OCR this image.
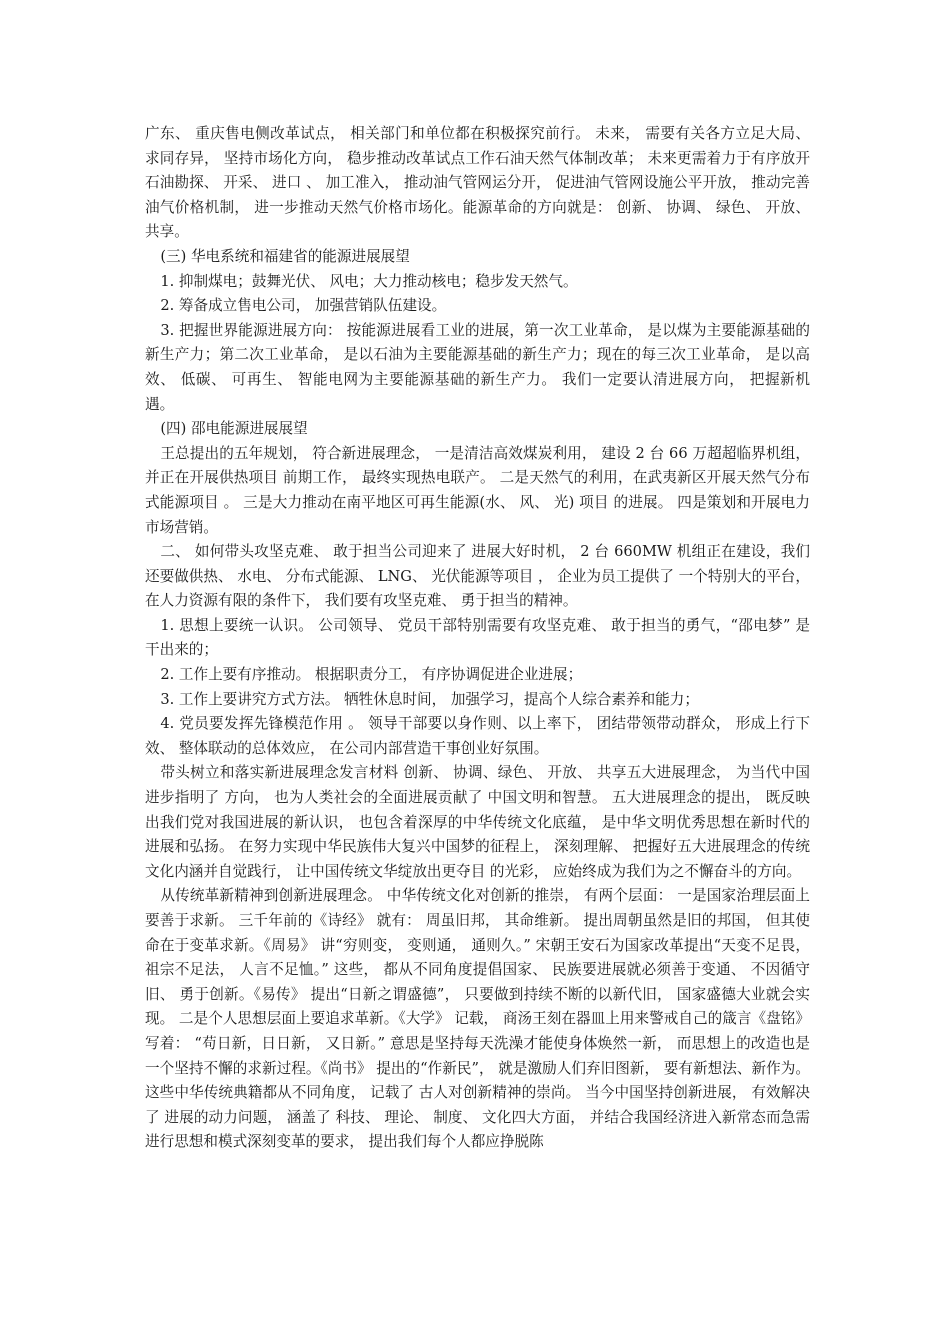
广东、 重庆售电侧改革试点， 相关部门和单位都在积极探究前行。 未来， 需要有关各方立足大局、 求同存异， 坚持市场化方向， 稳步推动改革试点工作石油天然气体制改革； 未来更需着力于有序放开石油勘探、 开采、 进口 、 加工准入， 推动油气管网运分开， 促进油气管网设施公平开放， 推动完善油气价格机制， 进一步推动天然气价格市场化。能源革命的方向就是： 创新、 协调、 绿色、 开放、 共享。

(三) 华电系统和福建省的能源进展展望

1. 抑制煤电；鼓舞光伏、 风电；大力推动核电；稳步发天然气。

2. 筹备成立售电公司， 加强营销队伍建设。

3. 把握世界能源进展方向： 按能源进展看工业的进展，第一次工业革命， 是以煤为主要能源基础的新生产力；第二次工业革命， 是以石油为主要能源基础的新生产力；现在的每三次工业革命， 是以高效、 低碳、 可再生、 智能电网为主要能源基础的新生产力。 我们一定要认清进展方向， 把握新机遇。

(四) 邵电能源进展展望

王总提出的五年规划， 符合新进展理念， 一是清洁高效煤炭利用， 建设 2 台 66 万超超临界机组， 并正在开展供热项目 前期工作， 最终实现热电联产。 二是天然气的利用，在武夷新区开展天然气分布式能源项目 。 三是大力推动在南平地区可再生能源(水、 风、 光) 项目 的进展。 四是策划和开展电力市场营销。

二、 如何带头攻坚克难、 敢于担当公司迎来了 进展大好时机， 2 台 660MW 机组正在建设，我们还要做供热、 水电、 分布式能源、 LNG、 光伏能源等项目 ， 企业为员工提供了 一个特别大的平台， 在人力资源有限的条件下， 我们要有攻坚克难、 勇于担当的精神。

1. 思想上要统一认识。 公司领导、 党员干部特别需要有攻坚克难、 敢于担当的勇气，“邵电梦” 是干出来的；

2. 工作上要有序推动。 根据职责分工， 有序协调促进企业进展；

3. 工作上要讲究方式方法。 牺牲休息时间， 加强学习，提高个人综合素养和能力；

4. 党员要发挥先锋模范作用 。 领导干部要以身作则、以上率下， 团结带领带动群众， 形成上行下效、 整体联动的总体效应， 在公司内部营造干事创业好氛围。

带头树立和落实新进展理念发言材料 创新、 协调、绿色、 开放、 共享五大进展理念， 为当代中国进步指明了 方向， 也为人类社会的全面进展贡献了 中国文明和智慧。 五大进展理念的提出， 既反映出我们党对我国进展的新认识， 也包含着深厚的中华传统文化底蕴， 是中华文明优秀思想在新时代的进展和弘扬。 在努力实现中华民族伟大复兴中国梦的征程上， 深刻理解、 把握好五大进展理念的传统文化内涵并自觉践行， 让中国传统文华绽放出更夺目 的光彩， 应始终成为我们为之不懈奋斗的方向。

从传统革新精神到创新进展理念。 中华传统文化对创新的推崇， 有两个层面： 一是国家治理层面上要善于求新。 三千年前的《诗经》 就有： 周虽旧邦， 其命维新。 提出周朝虽然是旧的邦国， 但其使命在于变革求新。《周易》 讲“穷则变， 变则通， 通则久。” 宋朝王安石为国家改革提出“天变不足畏， 祖宗不足法， 人言不足恤。” 这些， 都从不同角度提倡国家、 民族要进展就必须善于变通、 不因循守旧、 勇于创新。《易传》 提出“日新之谓盛德”， 只要做到持续不断的以新代旧， 国家盛德大业就会实现。 二是个人思想层面上要追求革新。《大学》 记载， 商汤王刻在器皿上用来警戒自己的箴言《盘铭》 写着： “苟日新，日日新， 又日新。” 意思是坚持每天洗澡才能使身体焕然一新， 而思想上的改造也是一个坚持不懈的求新过程。《尚书》 提出的“作新民”， 就是激励人们弃旧图新， 要有新想法、新作为。 这些中华传统典籍都从不同角度， 记载了 古人对创新精神的崇尚。 当今中国坚持创新进展， 有效解决了 进展的动力问题， 涵盖了 科技、 理论、 制度、 文化四大方面， 并结合我国经济进入新常态而急需进行思想和模式深刻变革的要求， 提出我们每个人都应挣脱陈
